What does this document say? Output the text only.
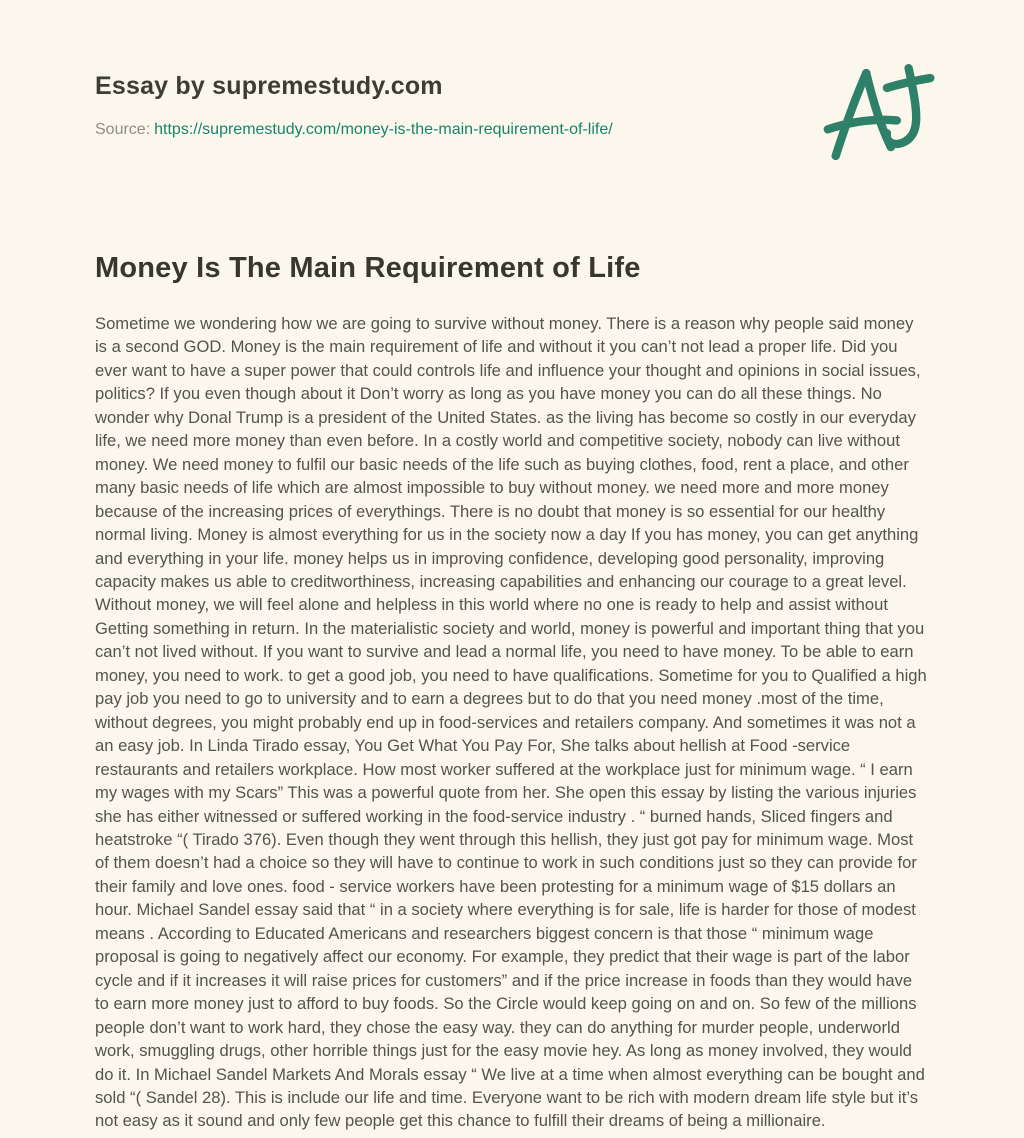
Essay by supremestudy.com
Source: https://supremestudy.com/money-is-the-main-requirement-of-life/
Money Is The Main Requirement of Life

Sometime we wondering how we are going to survive without money. There is a reason why people said money is a second GOD. Money is the main requirement of life and without it you can’t not lead a proper life. Did you ever want to have a super power that could controls life and influence your thought and opinions in social issues, politics? If you even though about it Don’t worry as long as you have money you can do all these things. No wonder why Donal Trump is a president of the United States. as the living has become so costly in our everyday life, we need more money than even before. In a costly world and competitive society, nobody can live without money. We need money to fulfil our basic needs of the life such as buying clothes, food, rent a place, and other many basic needs of life which are almost impossible to buy without money. we need more and more money because of the increasing prices of everythings. There is no doubt that money is so essential for our healthy normal living. Money is almost everything for us in the society now a day If you has money, you can get anything and everything in your life. money helps us in improving confidence, developing good personality, improving capacity makes us able to creditworthiness, increasing capabilities and enhancing our courage to a great level. Without money, we will feel alone and helpless in this world where no one is ready to help and assist without Getting something in return. In the materialistic society and world, money is powerful and important thing that you can’t not lived without. If you want to survive and lead a normal life, you need to have money. To be able to earn money, you need to work. to get a good job, you need to have qualifications. Sometime for you to Qualified a high pay job you need to go to university and to earn a degrees but to do that you need money .most of the time, without degrees, you might probably end up in food-services and retailers company. And sometimes it was not a an easy job. In Linda Tirado essay, You Get What You Pay For, She talks about hellish at Food -service restaurants and retailers workplace. How most worker suffered at the workplace just for minimum wage. “ I earn my wages with my Scars” This was a powerful quote from her. She open this essay by listing the various injuries she has either witnessed or suffered working in the food-service industry . “ burned hands, Sliced fingers and heatstroke “( Tirado 376). Even though they went through this hellish, they just got pay for minimum wage. Most of them doesn’t had a choice so they will have to continue to work in such conditions just so they can provide for their family and love ones. food - service workers have been protesting for a minimum wage of $15 dollars an hour. Michael Sandel essay said that “ in a society where everything is for sale, life is harder for those of modest means . According to Educated Americans and researchers biggest concern is that those “ minimum wage proposal is going to negatively affect our economy. For example, they predict that their wage is part of the labor cycle and if it increases it will raise prices for customers” and if the price increase in foods than they would have to earn more money just to afford to buy foods. So the Circle would keep going on and on. So few of the millions people don’t want to work hard, they chose the easy way. they can do anything for murder people, underworld work, smuggling drugs, other horrible things just for the easy movie hey. As long as money involved, they would do it. In Michael Sandel Markets And Morals essay “ We live at a time when almost everything can be bought and sold “( Sandel 28). This is include our life and time. Everyone want to be rich with modern dream life style but it’s not easy as it sound and only few people get this chance to fulfill their dreams of being a millionaire.
